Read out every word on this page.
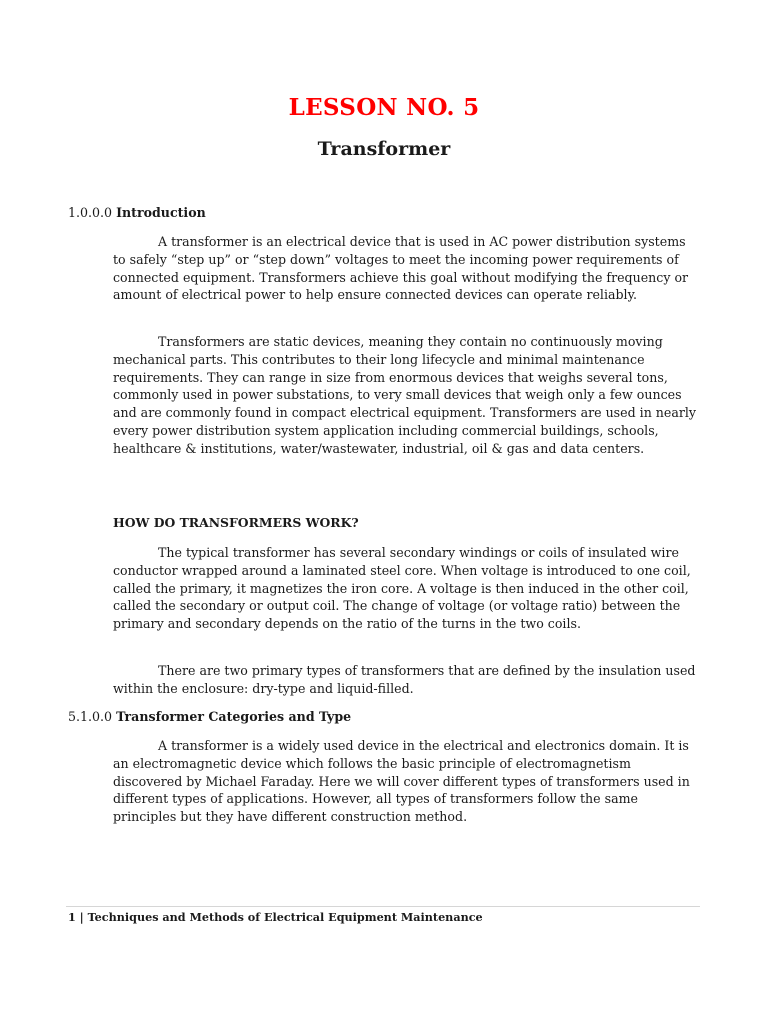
LESSON NO. 5
Transformer
1.0.0.0 Introduction

A transformer is an electrical device that is used in AC power distribution systems to safely “step up” or “step down” voltages to meet the incoming power requirements of connected equipment. Transformers achieve this goal without modifying the frequency or amount of electrical power to help ensure connected devices can operate reliably.

Transformers are static devices, meaning they contain no continuously moving mechanical parts. This contributes to their long lifecycle and minimal maintenance requirements. They can range in size from enormous devices that weighs several tons, commonly used in power substations, to very small devices that weigh only a few ounces and are commonly found in compact electrical equipment. Transformers are used in nearly every power distribution system application including commercial buildings, schools, healthcare & institutions, water/wastewater, industrial, oil & gas and data centers.

HOW DO TRANSFORMERS WORK?

The typical transformer has several secondary windings or coils of insulated wire conductor wrapped around a laminated steel core. When voltage is introduced to one coil, called the primary, it magnetizes the iron core. A voltage is then induced in the other coil, called the secondary or output coil. The change of voltage (or voltage ratio) between the primary and secondary depends on the ratio of the turns in the two coils.

There are two primary types of transformers that are defined by the insulation used within the enclosure: dry-type and liquid-filled.

5.1.0.0 Transformer Categories and Type

A transformer is a widely used device in the electrical and electronics domain. It is an electromagnetic device which follows the basic principle of electromagnetism discovered by Michael Faraday. Here we will cover different types of transformers used in different types of applications. However, all types of transformers follow the same principles but they have different construction method.

1 | Techniques and Methods of Electrical Equipment Maintenance
